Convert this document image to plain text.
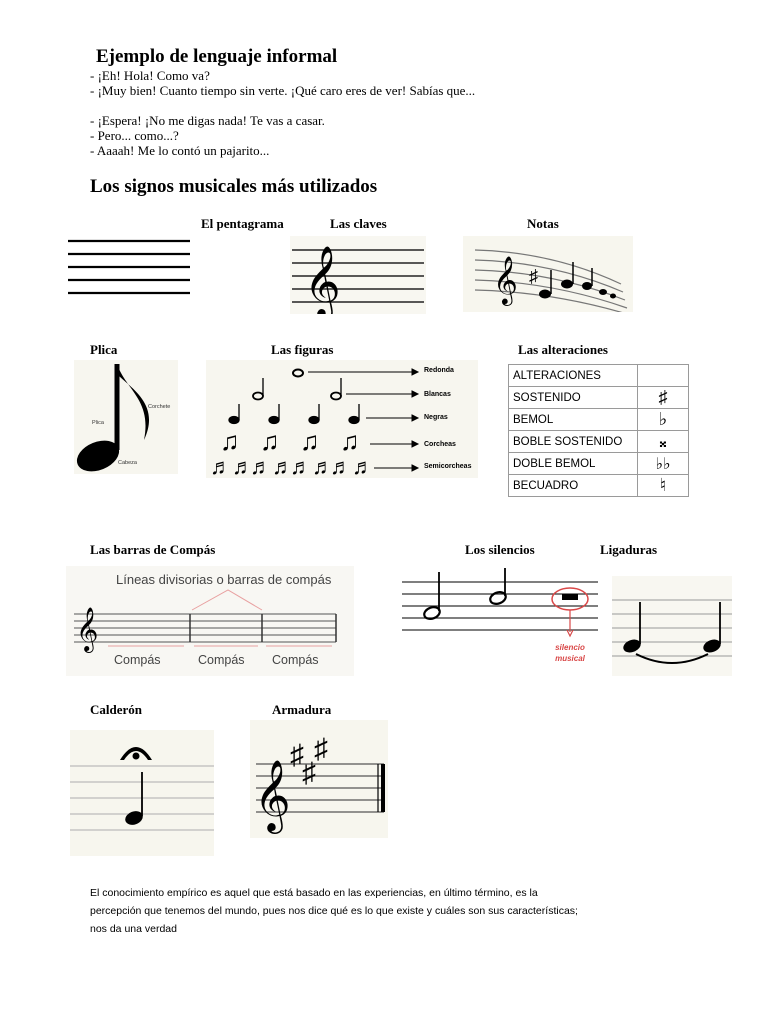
Ejemplo de lenguaje informal
- ¡Eh! Hola! Como va?
- ¡Muy bien! Cuanto tiempo sin verte. ¡Qué caro eres de ver! Sabías que...
- ¡Espera! ¡No me digas nada! Te vas a casar.
- Pero... como...?
- Aaaah! Me lo contó un pajarito...
Los signos musicales más utilizados
El pentagrama	Las claves	Notas
𝄞	𝄞 ♯
Plica	Las figuras	Las alteraciones
Corchete
Plica
Cabeza
♫ ♫ ♫ ♫
♬♬
♬♬
♬♬
♬♬
Redonda
Blancas
Negras
Corcheas
Semicorcheas
ALTERACIONES	
SOSTENIDO	♯
BEMOL	♭
BOBLE SOSTENIDO	𝄪
DOBLE BEMOL	♭♭
BECUADRO	♮
Las barras de Compás	Los silencios	Ligaduras
Líneas divisorias o barras de compás
𝄞
Compás	Compás Compás
silencio
musical
Calderón	Armadura
𝄞
♯
♯
♯
El conocimiento empírico es aquel que está basado en las experiencias, en último término, es la
percepción que tenemos del mundo, pues nos dice qué es lo que existe y cuáles son sus características;
nos da una verdad
